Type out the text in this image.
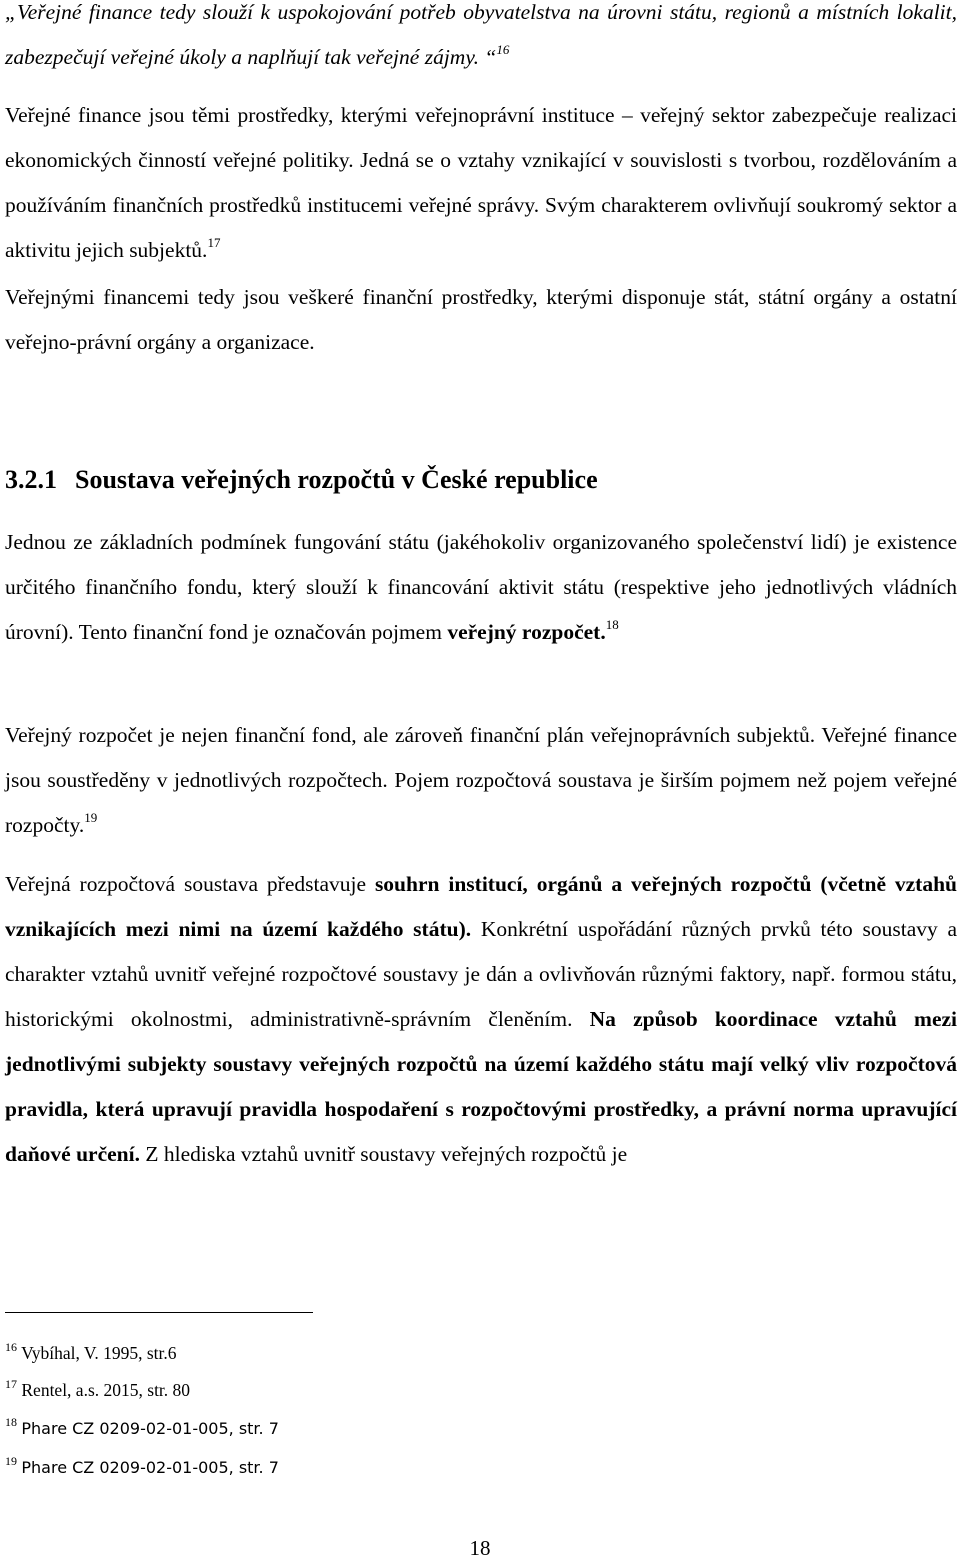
„Veřejné finance tedy slouží k uspokojování potřeb obyvatelstva na úrovni státu, regionů a místních lokalit, zabezpečují veřejné úkoly a naplňují tak veřejné zájmy. “$^{16}$

Veřejné finance jsou těmi prostředky, kterými veřejnoprávní instituce – veřejný sektor zabezpečuje realizaci ekonomických činností veřejné politiky. Jedná se o vztahy vznikající v souvislosti s tvorbou, rozdělováním a používáním finančních prostředků institucemi veřejné správy. Svým charakterem ovlivňují soukromý sektor a aktivitu jejich subjektů.$^{17}$

Veřejnými financemi tedy jsou veškeré finanční prostředky, kterými disponuje stát, státní orgány a ostatní veřejno-právní orgány a organizace.

3.2.1 Soustava veřejných rozpočtů v České republice

Jednou ze základních podmínek fungování státu (jakéhokoliv organizovaného společenství lidí) je existence určitého finančního fondu, který slouží k financování aktivit státu (respektive jeho jednotlivých vládních úrovní). Tento finanční fond je označován pojmem veřejný rozpočet.$^{18}$

Veřejný rozpočet je nejen finanční fond, ale zároveň finanční plán veřejnoprávních subjektů. Veřejné finance jsou soustředěny v jednotlivých rozpočtech. Pojem rozpočtová soustava je širším pojmem než pojem veřejné rozpočty.$^{19}$

Veřejná rozpočtová soustava představuje souhrn institucí, orgánů a veřejných rozpočtů (včetně vztahů vznikajících mezi nimi na území každého státu). Konkrétní uspořádání různých prvků této soustavy a charakter vztahů uvnitř veřejné rozpočtové soustavy je dán a ovlivňován různými faktory, např. formou státu, historickými okolnostmi, administrativně-správním členěním. Na způsob koordinace vztahů mezi jednotlivými subjekty soustavy veřejných rozpočtů na území každého státu mají velký vliv rozpočtová pravidla, která upravují pravidla hospodaření s rozpočtovými prostředky, a právní norma upravující daňové určení. Z hlediska vztahů uvnitř soustavy veřejných rozpočtů je

$^{16}$ Vybíhal, V. 1995, str.6

$^{17}$ Rentel, a.s. 2015, str. 80

$^{18}$ Phare CZ 0209-02-01-005, str. 7

$^{19}$ Phare CZ 0209-02-01-005, str. 7

18
